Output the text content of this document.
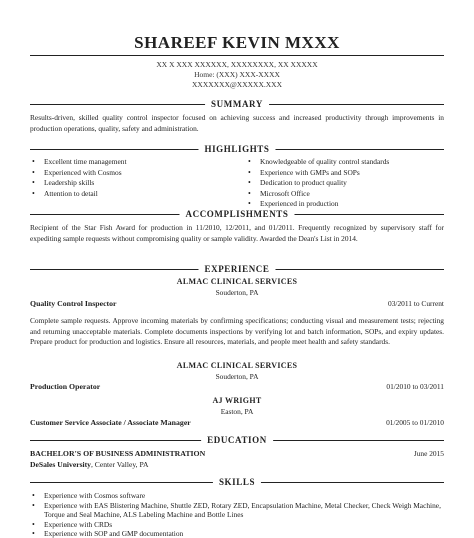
SHAREEF KEVIN MXXX
XX X XXX XXXXXX, XXXXXXXX, XX XXXXX
Home: (XXX) XXX-XXXX
XXXXXXX@XXXXX.XXX
SUMMARY
Results-driven, skilled quality control inspector focused on achieving success and increased productivity through improvements in production operations, quality, safety and administration.
HIGHLIGHTS
• Excellent time management
• Experienced with Cosmos
• Leadership skills
• Attention to detail
• Knowledgeable of quality control standards
• Experience with GMPs and SOPs
• Dedication to product quality
• Microsoft Office
• Experienced in production
ACCOMPLISHMENTS
Recipient of the Star Fish Award for production in 11/2010, 12/2011, and 01/2011. Frequently recognized by supervisory staff for expediting sample requests without compromising quality or sample validity. Awarded the Dean's List in 2014.
EXPERIENCE
ALMAC CLINICAL SERVICES
Souderton, PA
Quality Control Inspector	03/2011 to Current
Complete sample requests. Approve incoming materials by confirming specifications; conducting visual and measurement tests; rejecting and returning unacceptable materials. Complete documents inspections by verifying lot and batch information, SOPs, and expiry updates. Prepare product for production and logistics. Ensure all resources, materials, and people meet health and safety standards.
ALMAC CLINICAL SERVICES
Souderton, PA
Production Operator	01/2010 to 03/2011
AJ WRIGHT
Easton, PA
Customer Service Associate / Associate Manager	01/2005 to 01/2010
EDUCATION
BACHELOR'S OF BUSINESS ADMINISTRATION	June 2015
DeSales University, Center Valley, PA
SKILLS
• Experience with Cosmos software
• Experience with EAS Blistering Machine, Shuttle ZED, Rotary ZED, Encapsulation Machine, Metal Checker, Check Weigh Machine, Torque and Seal Machine, ALS Labeling Machine and Bottle Lines
• Experience with CRDs
• Experience with SOP and GMP documentation
